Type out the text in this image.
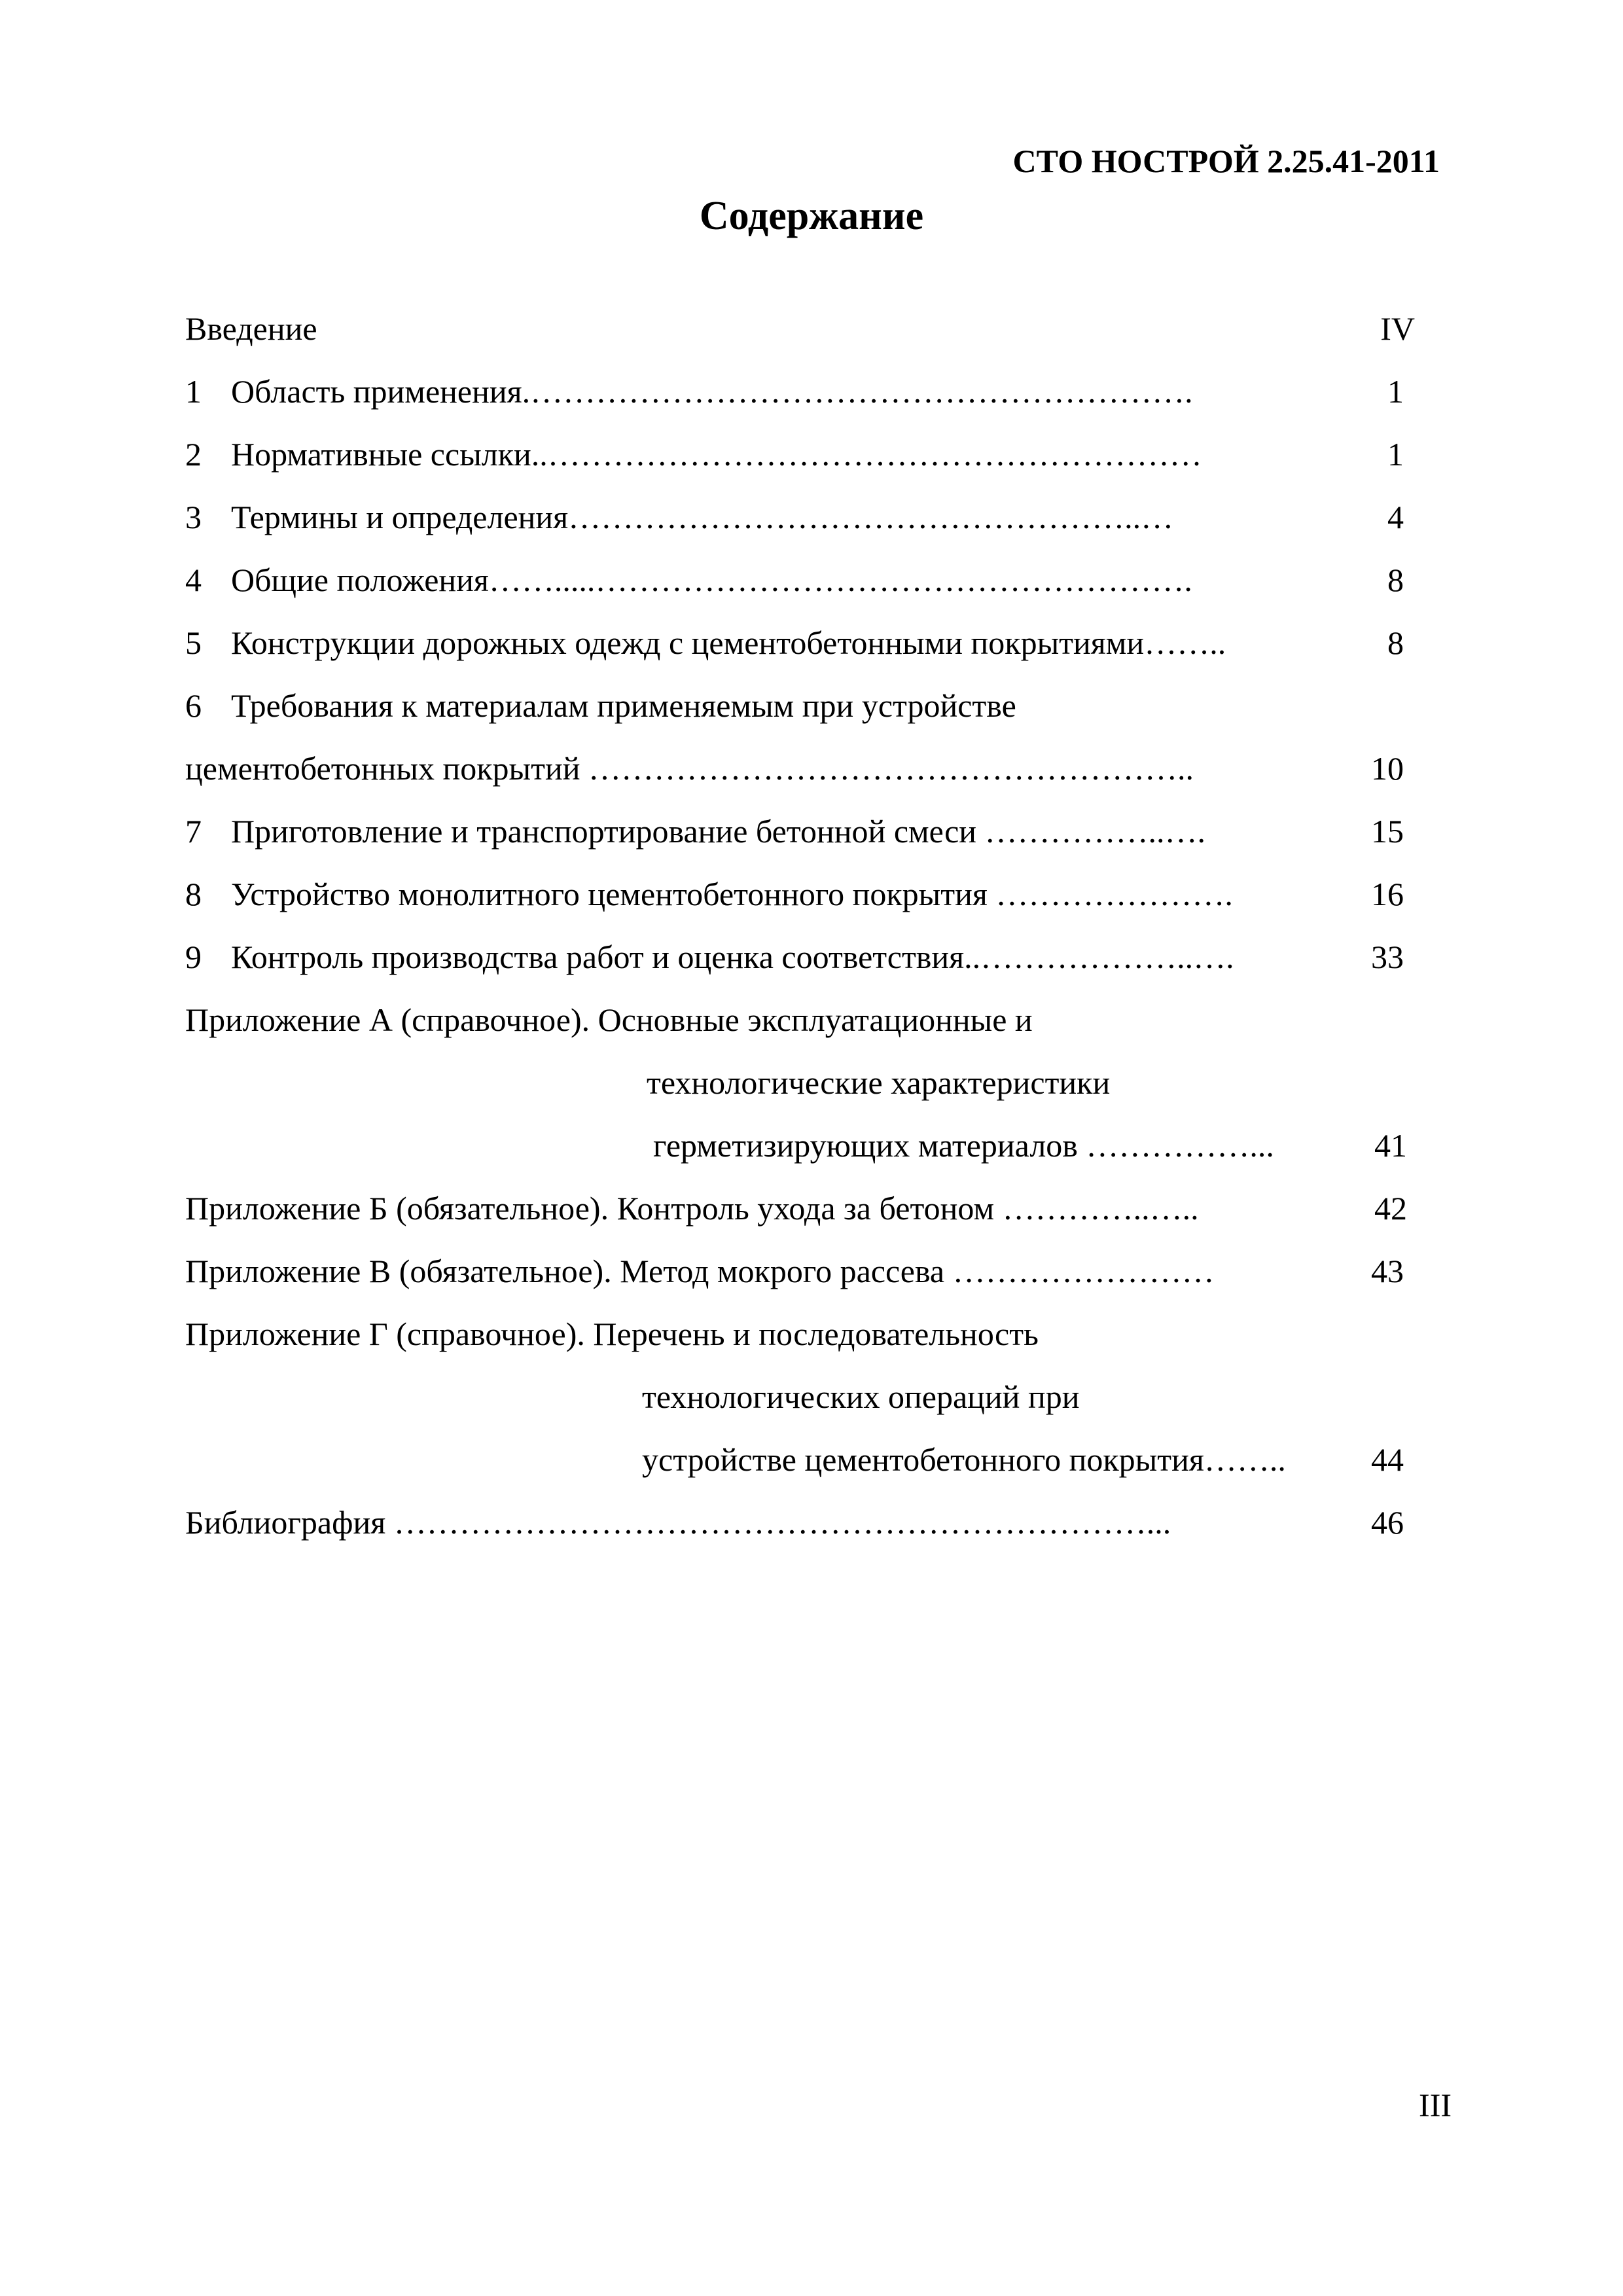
СТО НОСТРОЙ 2.25.41-2011
Содержание
Введение	IV
1 Область применения.…………………………………………………….	1
2 Нормативные ссылки..……………………………………………………	1
3 Термины и определения……………………………………………..…	4
4 Общие положения…….....……………………………………………….	8
5 Конструкции дорожных одежд с цементобетонными покрытиями……..	8
6 Требования к материалам применяемым при устройстве
цементобетонных покрытий ………………………………………………..	10
7 Приготовление и транспортирование бетонной смеси ……………..….	15
8 Устройство монолитного цементобетонного покрытия ………………….	16
9 Контроль производства работ и оценка соответствия..………………..….	33
Приложение А (справочное). Основные эксплуатационные и
технологические характеристики
герметизирующих материалов ……………...	41
Приложение Б (обязательное). Контроль ухода за бетоном …………..…..	42
Приложение В (обязательное). Метод мокрого рассева ……………………	43
Приложение Г (справочное). Перечень и последовательность
технологических операций при
устройстве цементобетонного покрытия……..	44
Библиография ……………………………………………………………...	46
III
